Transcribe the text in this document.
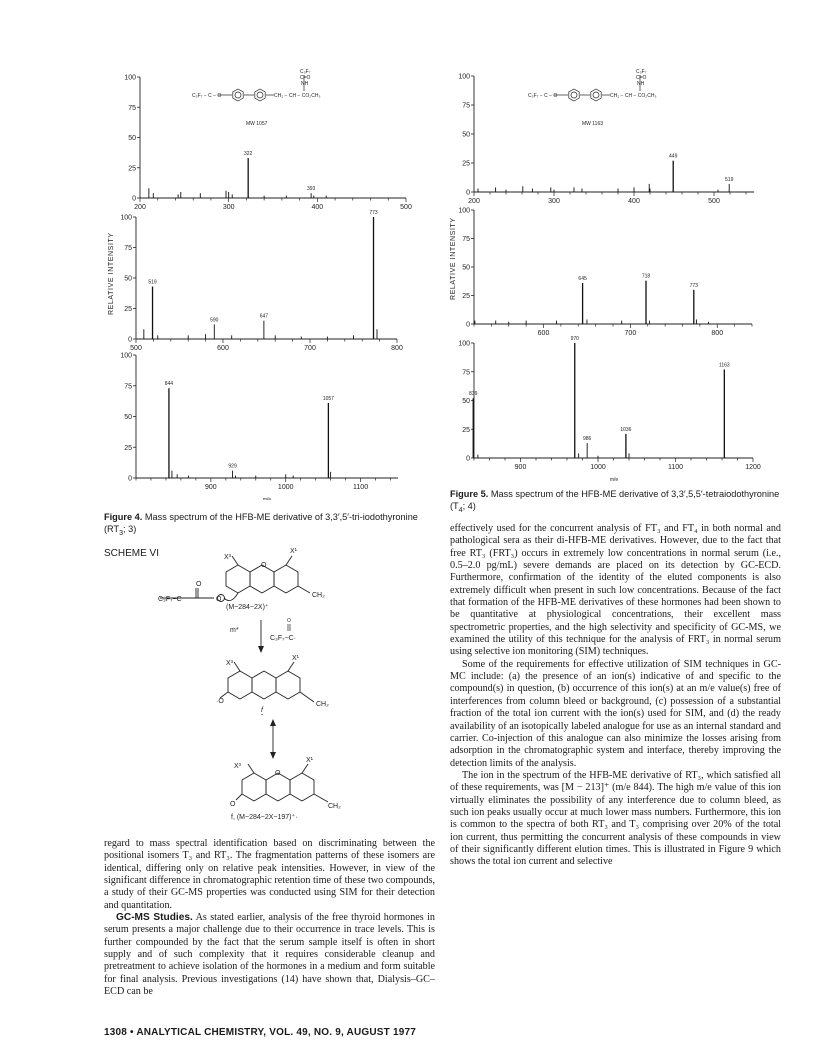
0
25
50
75
100
200	300	400	500
322
393
0
25
50
75
100
500	600	700	800
519
590
647
773
0
25
50
75
100
900	1000	1100
844
929
1057
0
25
50
75
100
200	300	400	500
449
519
0
25
50
75
100
600	700	800
645	718
773
0
25
50
75
100
900	1000	1100	1200
839
970
986
1036
1163
RELATIVE INTENSITY	RELATIVE INTENSITY
m/e
m/e
C₃F₇ − C − O	CH₂ − CH − CO₂CH₃
C₃F₇
C=O
NH
MW 1057
C₃F₇ − C − O	CH₂ − CH − CO₂CH₃
C₃F₇
C=O
NH
MW 1163
C₃F₇−C
O
O
X³
X¹
O
CH₂
(M−284−2X)⁺
m*
C₃F₇−C·
O
X³
X¹
·O	CH₂
f
X³
X¹
O
O	CH₂
f, (M−284−2X−197)⁺·
Figure 4. Mass spectrum of the HFB-ME derivative of 3,3′,5′-tri-iodothyronine ($RT_3$; 3)
Figure 5. Mass spectrum of the HFB-ME derivative of 3,3′,5,5′-tetraiodothyronine ($T_4$; 4)
SCHEME VI

regard to mass spectral identification based on discriminating between the positional isomers T₃ and RT₃. The fragmentation patterns of these isomers are identical, differing only on relative peak intensities. However, in view of the significant difference in chromatographic retention time of these two compounds, a study of their GC-MS properties was conducted using SIM for their detection and quantitation.

GC-MS Studies. As stated earlier, analysis of the free thyroid hormones in serum presents a major challenge due to their occurrence in trace levels. This is further compounded by the fact that the serum sample itself is often in short supply and of such complexity that it requires considerable cleanup and pretreatment to achieve isolation of the hormones in a medium and form suitable for final analysis. Previous investigations (14) have shown that, Dialysis–GC–ECD can be

effectively used for the concurrent analysis of FT₃ and FT₄ in both normal and pathological sera as their di-HFB-ME derivatives. However, due to the fact that free RT₃ (FRT₃) occurs in extremely low concentrations in normal serum (i.e., 0.5–2.0 pg/mL) severe demands are placed on its detection by GC-ECD. Furthermore, confirmation of the identity of the eluted components is also extremely difficult when present in such low concentrations. Because of the fact that formation of the HFB-ME derivatives of these hormones had been shown to be quantitative at physiological concentrations, their excellent mass spectrometric properties, and the high selectivity and specificity of GC-MS, we examined the utility of this technique for the analysis of FRT₃ in normal serum using selective ion monitoring (SIM) techniques.

Some of the requirements for effective utilization of SIM techniques in GC-MC include: (a) the presence of an ion(s) indicative of and specific to the compound(s) in question, (b) occurrence of this ion(s) at an m/e value(s) free of interferences from column bleed or background, (c) possession of a substantial fraction of the total ion current with the ion(s) used for SIM, and (d) the ready availability of an isotopically labeled analogue for use as an internal standard and carrier. Co-injection of this analogue can also minimize the losses arising from adsorption in the chromatographic system and interface, thereby improving the detection limits of the analysis.

The ion in the spectrum of the HFB-ME derivative of RT₃, which satisfied all of these requirements, was [M − 213]⁺ (m/e 844). The high m/e value of this ion virtually eliminates the possibility of any interference due to column bleed, as such ion peaks usually occur at much lower mass numbers. Furthermore, this ion is common to the spectra of both RT₃ and T₃ comprising over 20% of the total ion current, thus permitting the concurrent analysis of these compounds in view of their significantly different elution times. This is illustrated in Figure 9 which shows the total ion current and selective

1308 • ANALYTICAL CHEMISTRY, VOL. 49, NO. 9, AUGUST 1977
